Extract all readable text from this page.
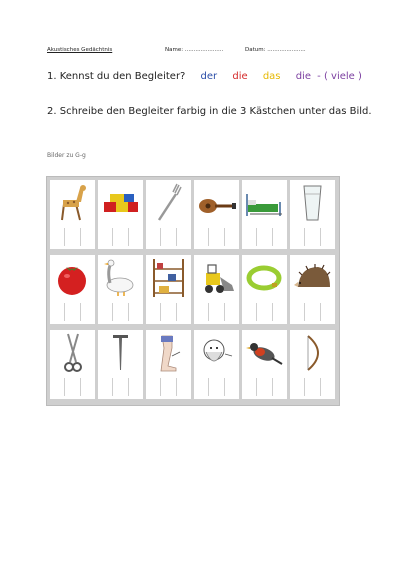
Akustisches Gedächtnis	Name: ......................	Datum: ......................
1. Kennst du den Begleiter? der die das die - ( viele )
2. Schreibe den Begleiter farbig in die 3 Kästchen unter das Bild.
Bilder zu G-g
